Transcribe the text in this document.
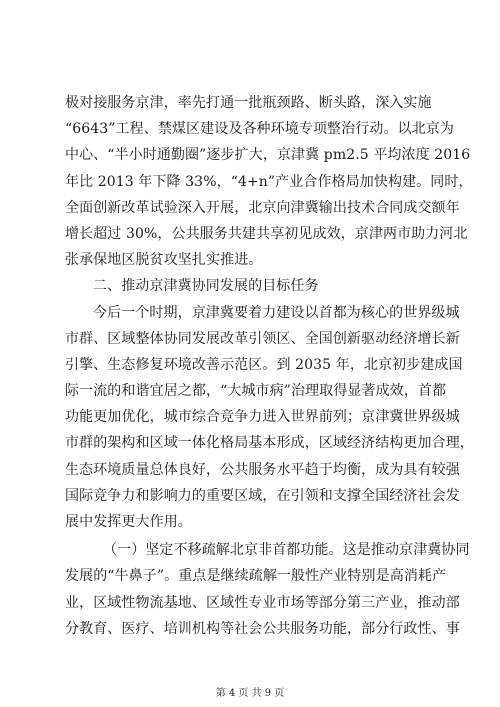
极对接服务京津，率先打通一批瓶颈路、断头路，深入实施
“6643”工程、禁煤区建设及各种环境专项整治行动。以北京为
中心、“半小时通勤圈”逐步扩大，京津冀 pm2.5 平均浓度 2016
年比 2013 年下降 33%，“4+n”产业合作格局加快构建。同时，
全面创新改革试验深入开展，北京向津冀输出技术合同成交额年
增长超过 30%，公共服务共建共享初见成效，京津两市助力河北
张承保地区脱贫攻坚扎实推进。
二、推动京津冀协同发展的目标任务
今后一个时期，京津冀要着力建设以首都为核心的世界级城
市群、区域整体协同发展改革引领区、全国创新驱动经济增长新
引擎、生态修复环境改善示范区。到 2035 年，北京初步建成国
际一流的和谐宜居之都，“大城市病”治理取得显著成效，首都
功能更加优化，城市综合竞争力进入世界前列；京津冀世界级城
市群的架构和区域一体化格局基本形成，区域经济结构更加合理，
生态环境质量总体良好，公共服务水平趋于均衡，成为具有较强
国际竞争力和影响力的重要区域，在引领和支撑全国经济社会发
展中发挥更大作用。
（一）坚定不移疏解北京非首都功能。这是推动京津冀协同
发展的“牛鼻子”。重点是继续疏解一般性产业特别是高消耗产
业，区域性物流基地、区域性专业市场等部分第三产业，推动部
分教育、医疗、培训机构等社会公共服务功能，部分行政性、事
第 4 页 共 9 页
